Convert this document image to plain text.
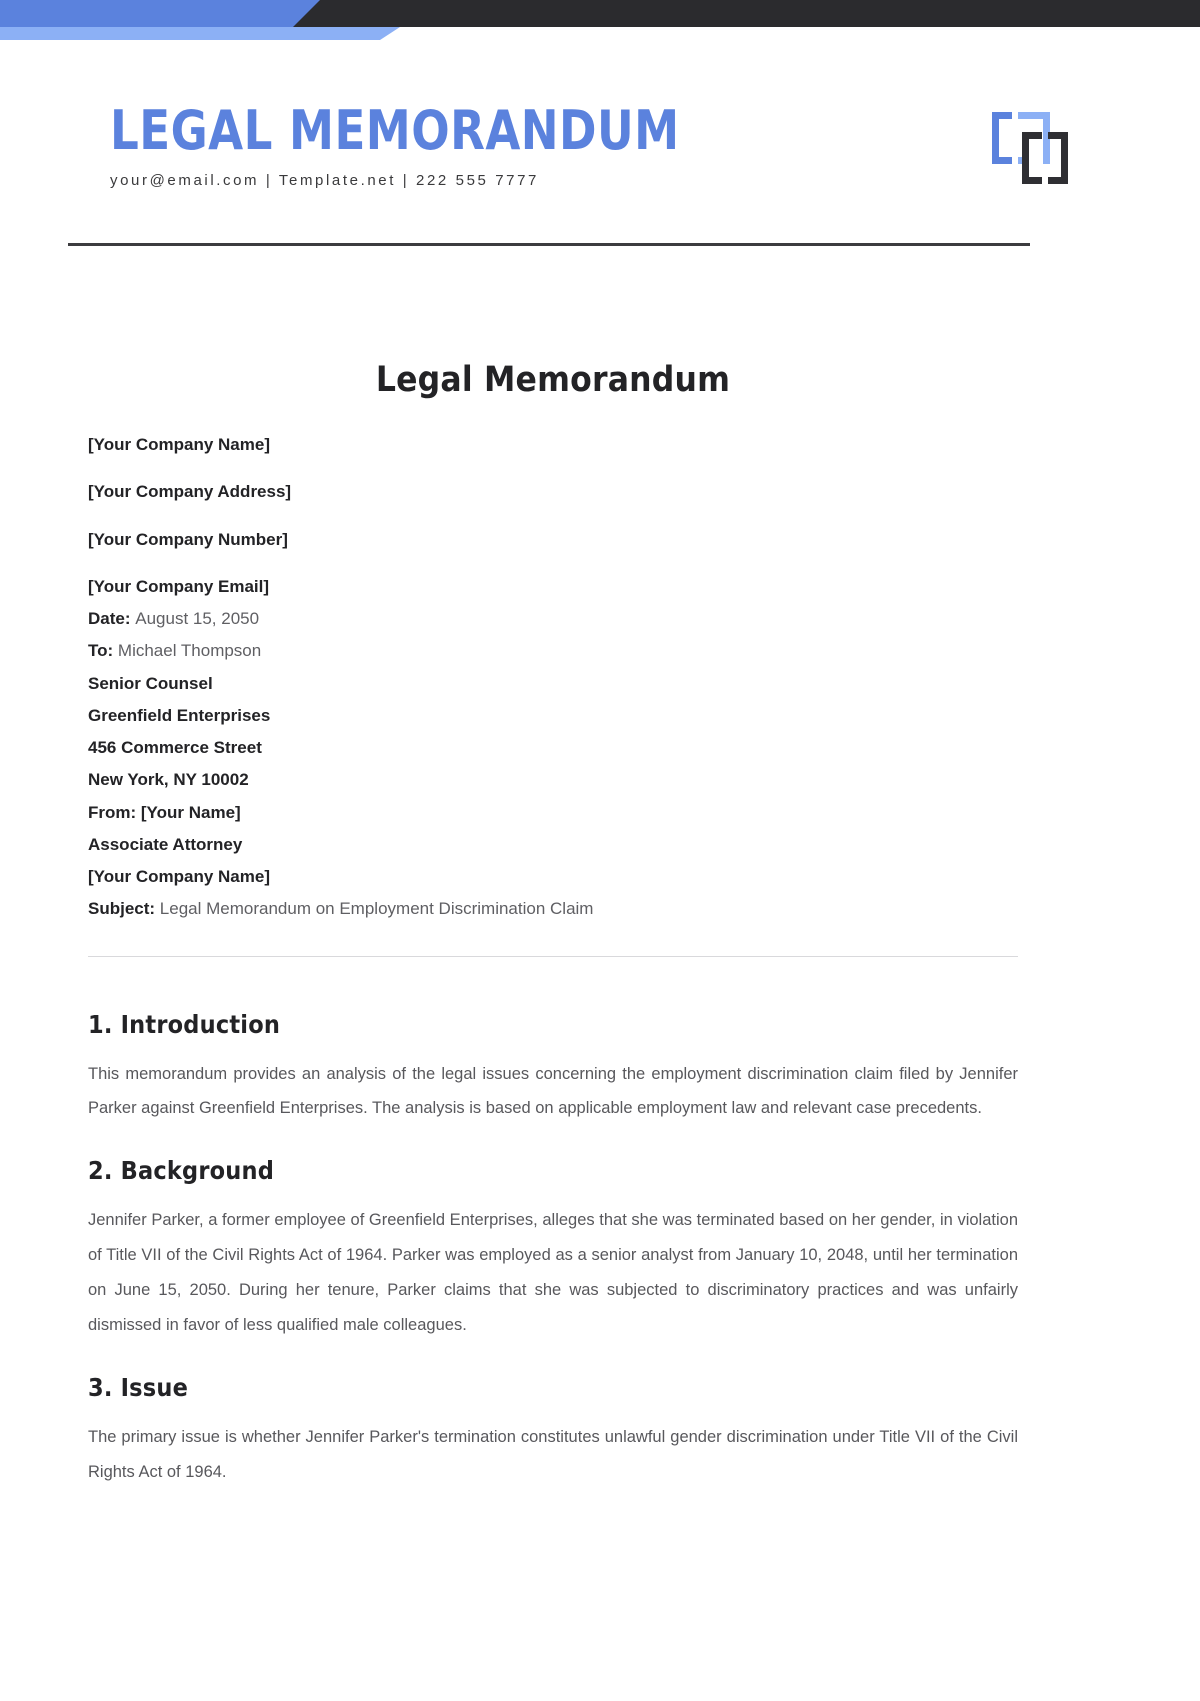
LEGAL MEMORANDUM
your@email.com | Template.net | 222 555 7777
Legal Memorandum
[Your Company Name]
[Your Company Address]
[Your Company Number]
[Your Company Email]
Date: August 15, 2050
To: Michael Thompson
Senior Counsel
Greenfield Enterprises
456 Commerce Street
New York, NY 10002
From: [Your Name]
Associate Attorney
[Your Company Name]
Subject: Legal Memorandum on Employment Discrimination Claim
1. Introduction

This memorandum provides an analysis of the legal issues concerning the employment discrimination claim filed by Jennifer Parker against Greenfield Enterprises. The analysis is based on applicable employment law and relevant case precedents.

2. Background

Jennifer Parker, a former employee of Greenfield Enterprises, alleges that she was terminated based on her gender, in violation of Title VII of the Civil Rights Act of 1964. Parker was employed as a senior analyst from January 10, 2048, until her termination on June 15, 2050. During her tenure, Parker claims that she was subjected to discriminatory practices and was unfairly dismissed in favor of less qualified male colleagues.

3. Issue

The primary issue is whether Jennifer Parker's termination constitutes unlawful gender discrimination under Title VII of the Civil Rights Act of 1964.
